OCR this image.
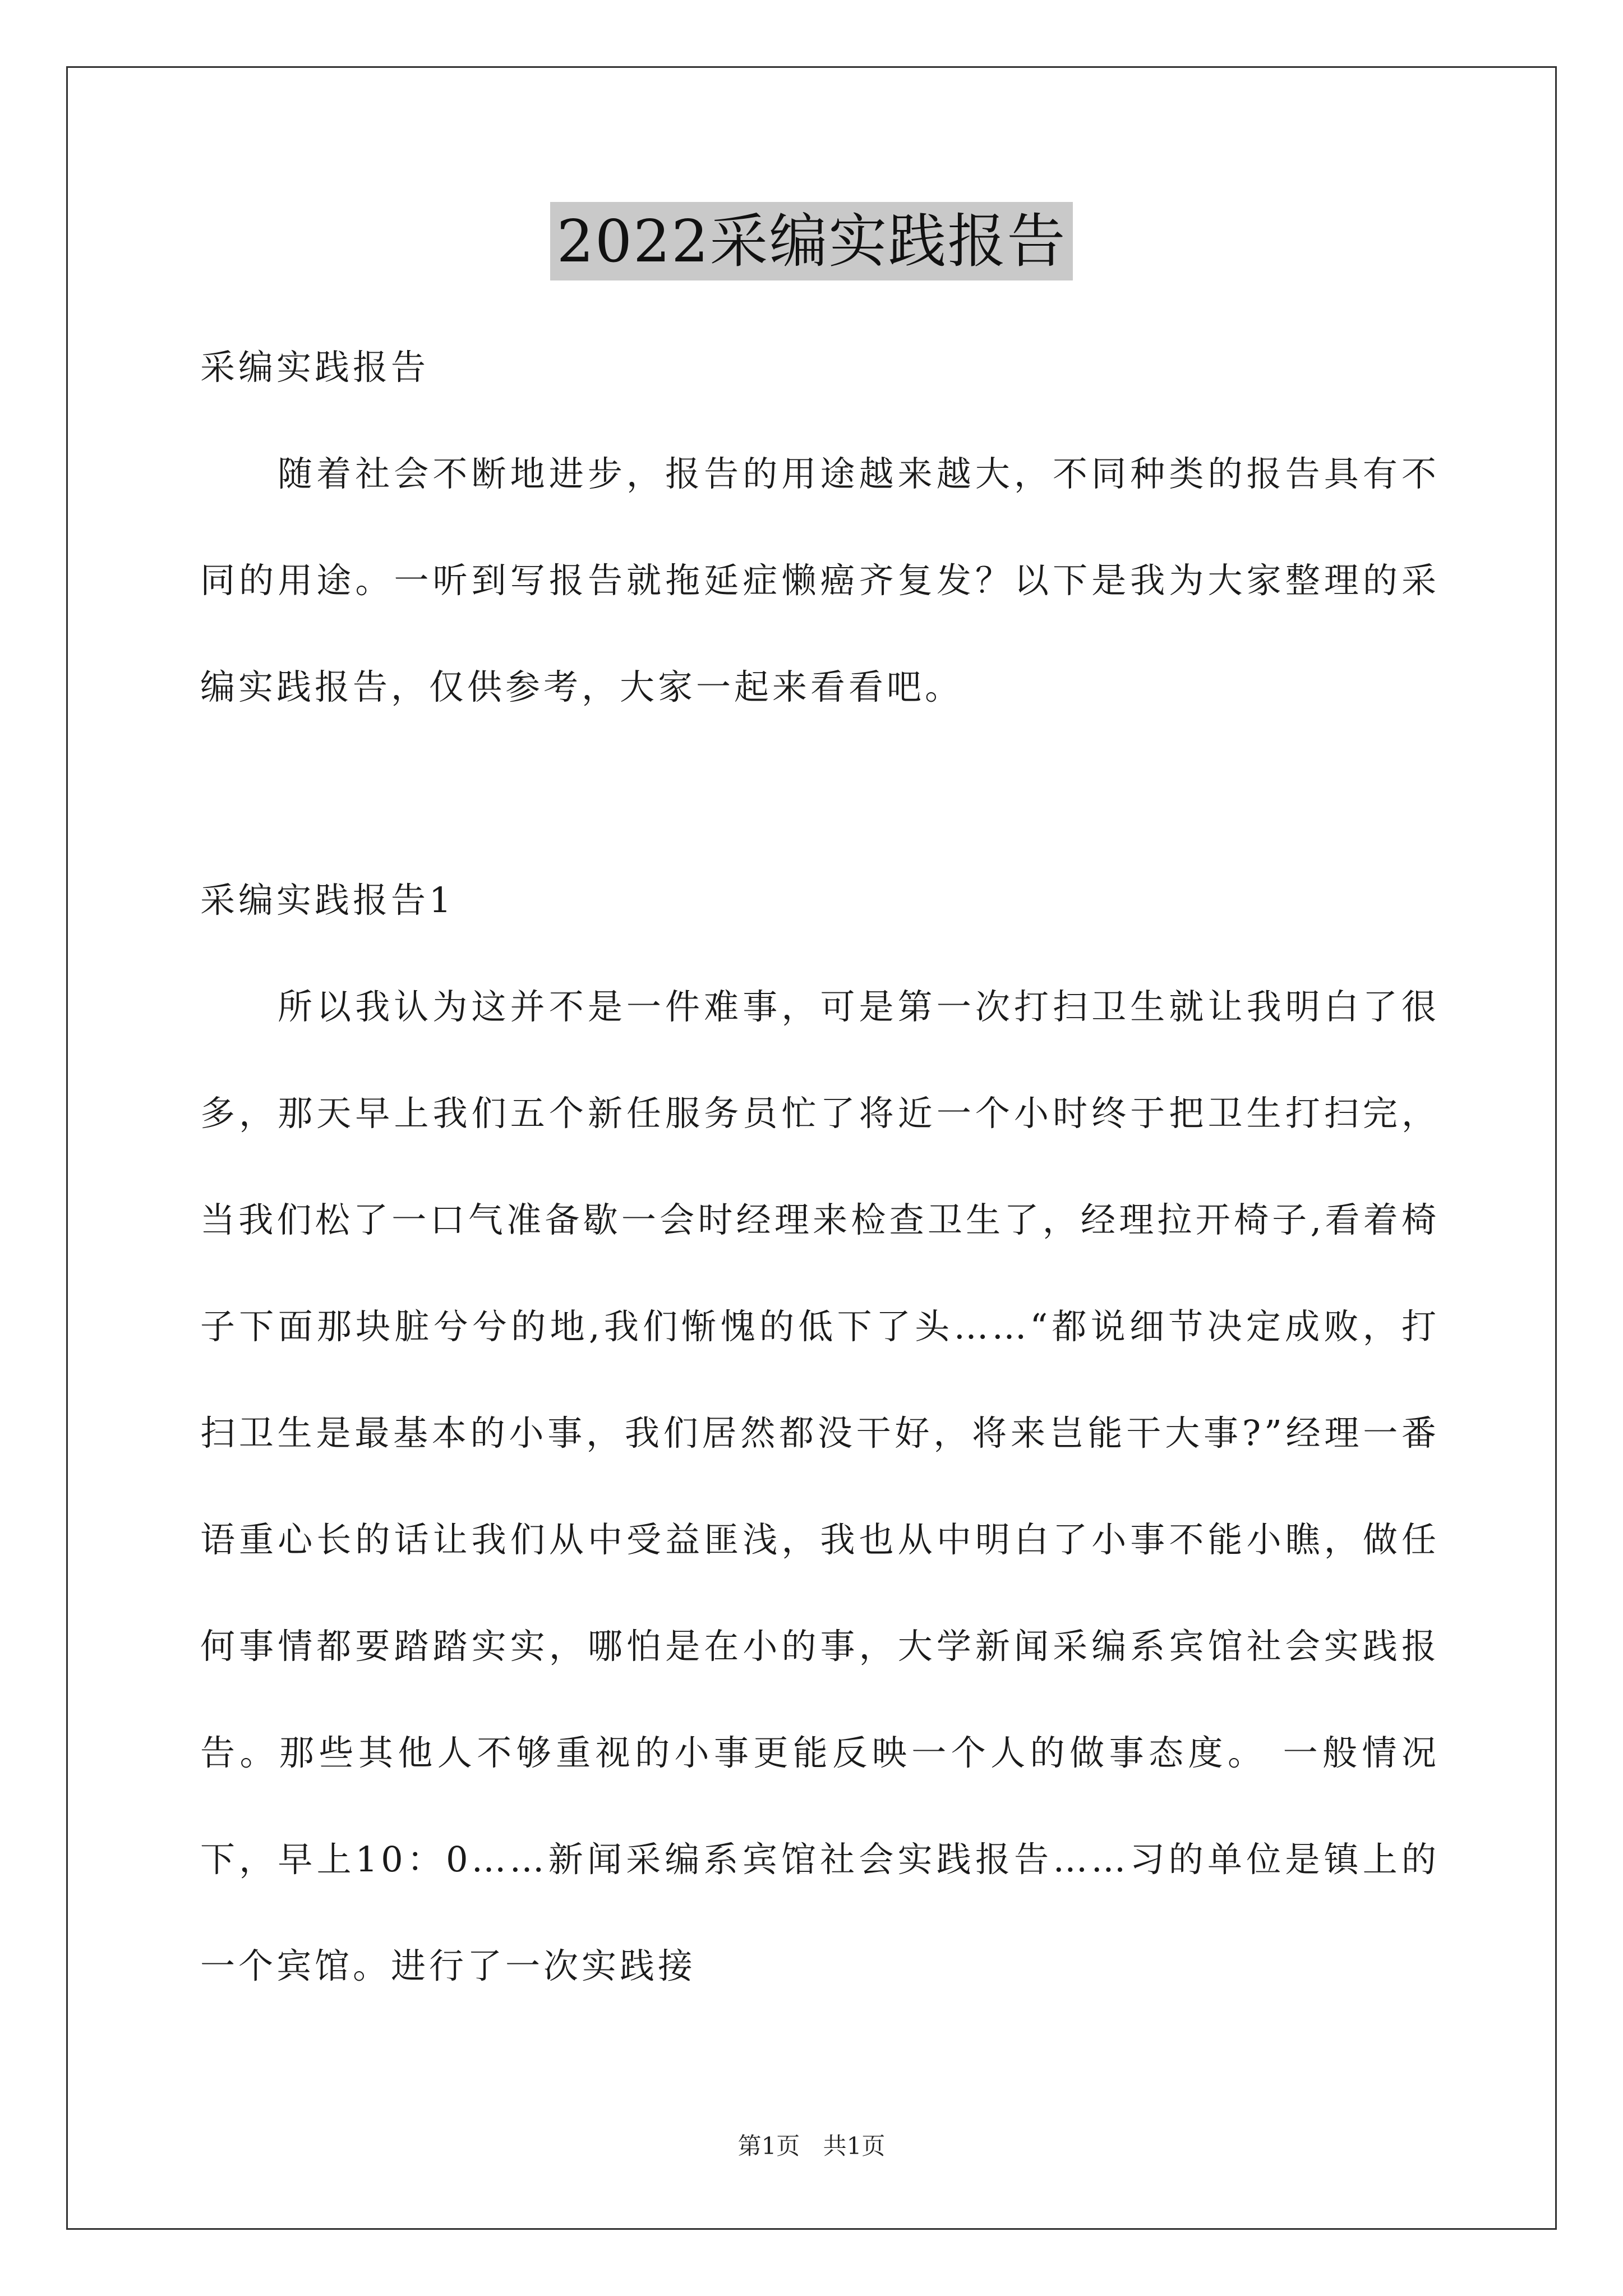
2022采编实践报告

采编实践报告

随着社会不断地进步，报告的用途越来越大，不同种类的报告具有不同的用途。一听到写报告就拖延症懒癌齐复发？以下是我为大家整理的采编实践报告，仅供参考，大家一起来看看吧。

采编实践报告1

所以我认为这并不是一件难事，可是第一次打扫卫生就让我明白了很多，那天早上我们五个新任服务员忙了将近一个小时终于把卫生打扫完，当我们松了一口气准备歇一会时经理来检查卫生了，经理拉开椅子,看着椅子下面那块脏兮兮的地,我们惭愧的低下了头……“都说细节决定成败，打扫卫生是最基本的小事，我们居然都没干好，将来岂能干大事?”经理一番语重心长的话让我们从中受益匪浅，我也从中明白了小事不能小瞧，做任何事情都要踏踏实实，哪怕是在小的事，大学新闻采编系宾馆社会实践报告。那些其他人不够重视的小事更能反映一个人的做事态度。 一般情况下，早上10：0……新闻采编系宾馆社会实践报告……习的单位是镇上的一个宾馆。进行了一次实践接

第1页 共1页
